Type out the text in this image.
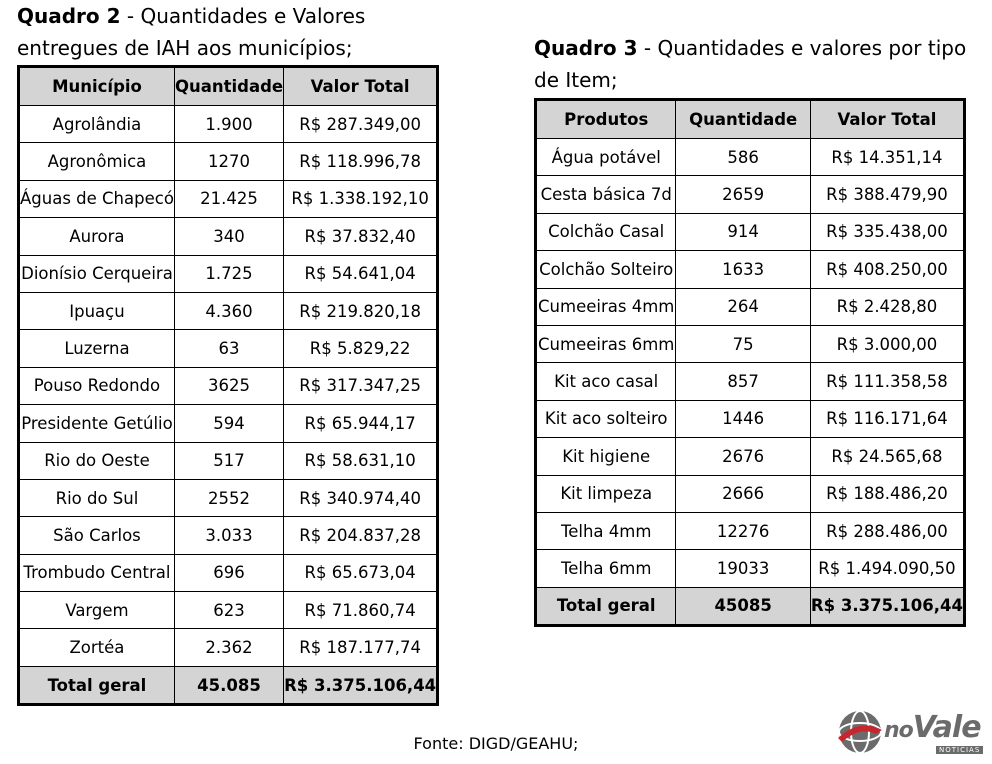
Quadro 2 - Quantidades e Valores entregues de IAH aos municípios;	Quadro 3 - Quantidades e valores por tipo de Item;
Município	Quantidade	Valor Total
Agrolândia	1.900	R$ 287.349,00
Agronômica	1270	R$ 118.996,78
Águas de Chapecó	21.425	R$ 1.338.192,10
Aurora	340	R$ 37.832,40
Dionísio Cerqueira	1.725	R$ 54.641,04
Ipuaçu	4.360	R$ 219.820,18
Luzerna	63	R$ 5.829,22
Pouso Redondo	3625	R$ 317.347,25
Presidente Getúlio	594	R$ 65.944,17
Rio do Oeste	517	R$ 58.631,10
Rio do Sul	2552	R$ 340.974,40
São Carlos	3.033	R$ 204.837,28
Trombudo Central	696	R$ 65.673,04
Vargem	623	R$ 71.860,74
Zortéa	2.362	R$ 187.177,74
Total geral	45.085	R$ 3.375.106,44
Produtos	Quantidade	Valor Total
Água potável	586	R$ 14.351,14
Cesta básica 7d	2659	R$ 388.479,90
Colchão Casal	914	R$ 335.438,00
Colchão Solteiro	1633	R$ 408.250,00
Cumeeiras 4mm	264	R$ 2.428,80
Cumeeiras 6mm	75	R$ 3.000,00
Kit aco casal	857	R$ 111.358,58
Kit aco solteiro	1446	R$ 116.171,64
Kit higiene	2676	R$ 24.565,68
Kit limpeza	2666	R$ 188.486,20
Telha 4mm	12276	R$ 288.486,00
Telha 6mm	19033	R$ 1.494.090,50
Total geral	45085	R$ 3.375.106,44
Fonte: DIGD/GEAHU;
noVale
NOTÍCIAS
